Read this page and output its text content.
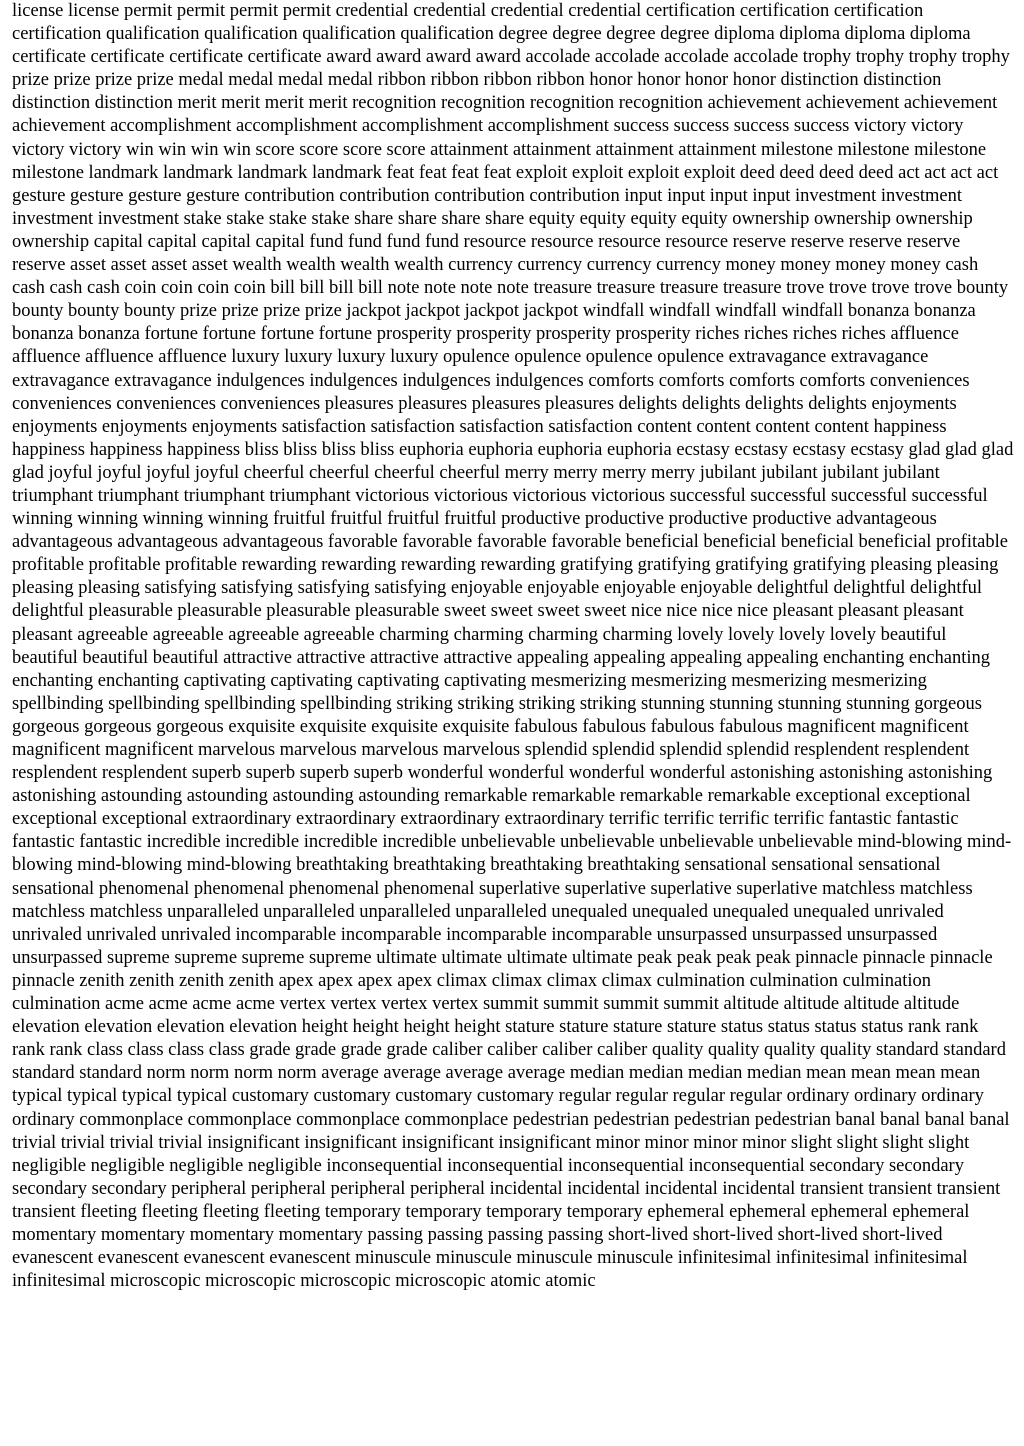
license license permit permit permit permit credential credential credential credential certification certification certification certification qualification qualification qualification qualification degree degree degree degree diploma diploma diploma diploma certificate certificate certificate certificate award award award award accolade accolade accolade accolade trophy trophy trophy trophy prize prize prize prize medal medal medal medal ribbon ribbon ribbon ribbon honor honor honor honor distinction distinction distinction distinction merit merit merit merit recognition recognition recognition recognition achievement achievement achievement achievement accomplishment accomplishment accomplishment accomplishment success success success success victory victory victory victory win win win win score score score score attainment attainment attainment attainment milestone milestone milestone milestone landmark landmark landmark landmark feat feat feat feat exploit exploit exploit exploit deed deed deed deed act act act act gesture gesture gesture gesture contribution contribution contribution contribution input input input input investment investment investment investment stake stake stake stake share share share share equity equity equity equity ownership ownership ownership ownership capital capital capital capital fund fund fund fund resource resource resource resource reserve reserve reserve reserve reserve asset asset asset asset wealth wealth wealth wealth currency currency currency currency money money money money cash cash cash cash coin coin coin coin bill bill bill bill note note note note treasure treasure treasure treasure trove trove trove trove bounty bounty bounty bounty prize prize prize prize jackpot jackpot jackpot jackpot windfall windfall windfall windfall bonanza bonanza bonanza bonanza fortune fortune fortune fortune prosperity prosperity prosperity prosperity riches riches riches riches affluence affluence affluence affluence luxury luxury luxury luxury opulence opulence opulence opulence extravagance extravagance extravagance extravagance indulgences indulgences indulgences indulgences comforts comforts comforts comforts conveniences conveniences conveniences conveniences pleasures pleasures pleasures pleasures delights delights delights delights enjoyments enjoyments enjoyments enjoyments satisfaction satisfaction satisfaction satisfaction content content content content happiness happiness happiness happiness bliss bliss bliss bliss euphoria euphoria euphoria euphoria ecstasy ecstasy ecstasy ecstasy glad glad glad glad joyful joyful joyful joyful cheerful cheerful cheerful cheerful merry merry merry merry jubilant jubilant jubilant jubilant triumphant triumphant triumphant triumphant victorious victorious victorious victorious successful successful successful successful winning winning winning winning fruitful fruitful fruitful fruitful productive productive productive productive advantageous advantageous advantageous advantageous favorable favorable favorable favorable beneficial beneficial beneficial beneficial profitable profitable profitable profitable rewarding rewarding rewarding rewarding gratifying gratifying gratifying gratifying pleasing pleasing pleasing pleasing satisfying satisfying satisfying satisfying enjoyable enjoyable enjoyable enjoyable delightful delightful delightful delightful pleasurable pleasurable pleasurable pleasurable sweet sweet sweet sweet nice nice nice nice pleasant pleasant pleasant pleasant agreeable agreeable agreeable agreeable charming charming charming charming lovely lovely lovely lovely beautiful beautiful beautiful beautiful attractive attractive attractive attractive appealing appealing appealing appealing enchanting enchanting enchanting enchanting captivating captivating captivating captivating mesmerizing mesmerizing mesmerizing mesmerizing spellbinding spellbinding spellbinding spellbinding striking striking striking striking stunning stunning stunning stunning gorgeous gorgeous gorgeous gorgeous exquisite exquisite exquisite exquisite fabulous fabulous fabulous fabulous magnificent magnificent magnificent magnificent marvelous marvelous marvelous marvelous splendid splendid splendid splendid resplendent resplendent resplendent resplendent superb superb superb superb wonderful wonderful wonderful wonderful astonishing astonishing astonishing astonishing astounding astounding astounding astounding remarkable remarkable remarkable remarkable exceptional exceptional exceptional exceptional extraordinary extraordinary extraordinary extraordinary terrific terrific terrific terrific fantastic fantastic fantastic fantastic incredible incredible incredible incredible unbelievable unbelievable unbelievable unbelievable mind-blowing mind-blowing mind-blowing mind-blowing breathtaking breathtaking breathtaking breathtaking sensational sensational sensational sensational phenomenal phenomenal phenomenal phenomenal superlative superlative superlative superlative matchless matchless matchless matchless unparalleled unparalleled unparalleled unparalleled unequaled unequaled unequaled unequaled unrivaled unrivaled unrivaled unrivaled incomparable incomparable incomparable incomparable unsurpassed unsurpassed unsurpassed unsurpassed supreme supreme supreme supreme ultimate ultimate ultimate ultimate peak peak peak peak pinnacle pinnacle pinnacle pinnacle zenith zenith zenith zenith apex apex apex apex climax climax climax climax culmination culmination culmination culmination acme acme acme acme vertex vertex vertex vertex summit summit summit summit altitude altitude altitude altitude elevation elevation elevation elevation height height height height stature stature stature stature status status status status rank rank rank rank class class class class grade grade grade grade caliber caliber caliber caliber quality quality quality quality standard standard standard standard norm norm norm norm average average average average median median median median mean mean mean mean typical typical typical typical customary customary customary customary regular regular regular regular ordinary ordinary ordinary ordinary commonplace commonplace commonplace commonplace pedestrian pedestrian pedestrian pedestrian banal banal banal banal trivial trivial trivial trivial insignificant insignificant insignificant insignificant minor minor minor minor slight slight slight slight negligible negligible negligible negligible inconsequential inconsequential inconsequential inconsequential secondary secondary secondary secondary peripheral peripheral peripheral peripheral incidental incidental incidental incidental transient transient transient transient fleeting fleeting fleeting fleeting temporary temporary temporary temporary ephemeral ephemeral ephemeral ephemeral momentary momentary momentary momentary passing passing passing passing short-lived short-lived short-lived short-lived evanescent evanescent evanescent evanescent minuscule minuscule minuscule minuscule infinitesimal infinitesimal infinitesimal infinitesimal microscopic microscopic microscopic microscopic atomic atomic
